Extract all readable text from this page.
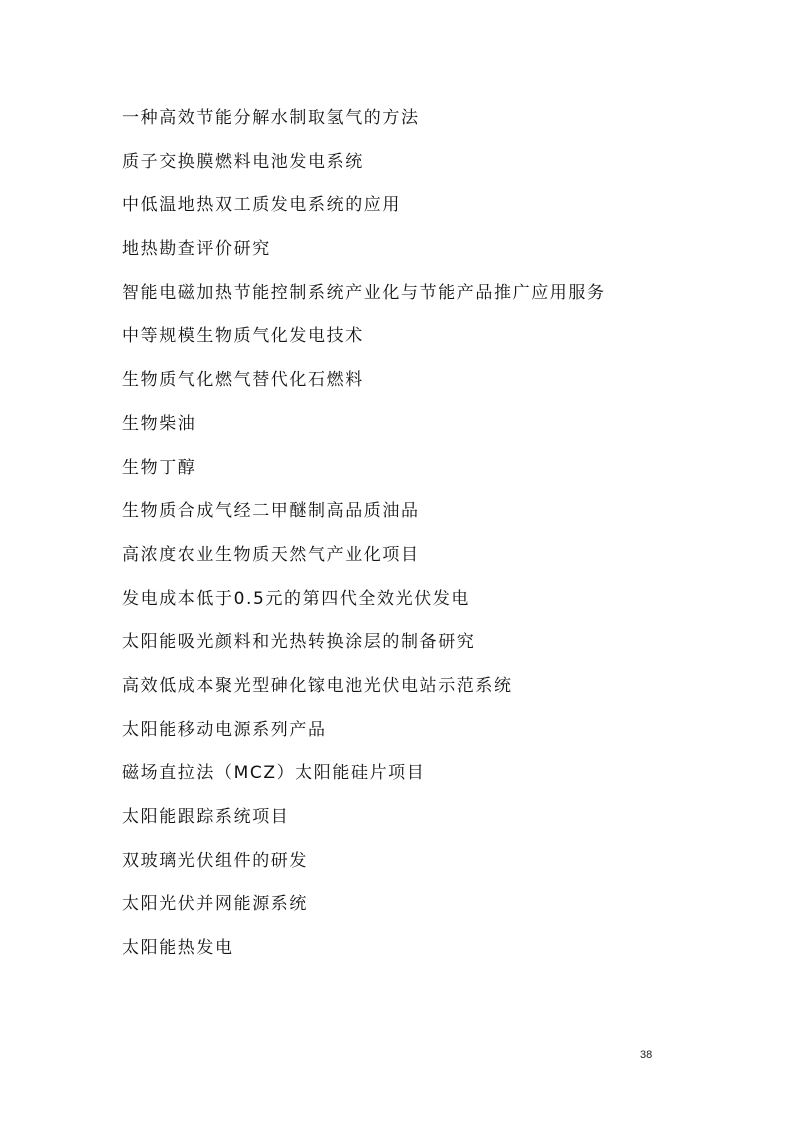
一种高效节能分解水制取氢气的方法
质子交换膜燃料电池发电系统
中低温地热双工质发电系统的应用
地热勘查评价研究
智能电磁加热节能控制系统产业化与节能产品推广应用服务
中等规模生物质气化发电技术
生物质气化燃气替代化石燃料
生物柴油
生物丁醇
生物质合成气经二甲醚制高品质油品
高浓度农业生物质天然气产业化项目
发电成本低于0.5元的第四代全效光伏发电
太阳能吸光颜料和光热转换涂层的制备研究
高效低成本聚光型砷化镓电池光伏电站示范系统
太阳能移动电源系列产品
磁场直拉法（MCZ）太阳能硅片项目
太阳能跟踪系统项目
双玻璃光伏组件的研发
太阳光伏并网能源系统
太阳能热发电
38
